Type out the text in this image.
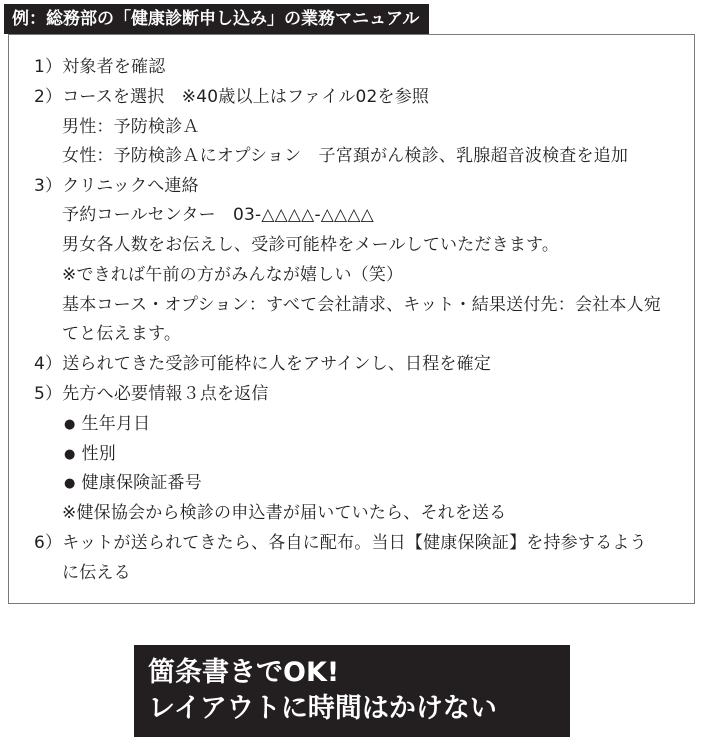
例：総務部の「健康診断申し込み」の業務マニュアル
1）対象者を確認
2）コースを選択　※40歳以上はファイル02を参照
男性：予防検診Ａ
女性：予防検診Ａにオプション　子宮頚がん検診、乳腺超音波検査を追加
3）クリニックへ連絡
予約コールセンター　03-△△△△-△△△△
男女各人数をお伝えし、受診可能枠をメールしていただきます。
※できれば午前の方がみんなが嬉しい（笑）
基本コース・オプション：すべて会社請求、キット・結果送付先：会社本人宛
てと伝えます。
4）送られてきた受診可能枠に人をアサインし、日程を確定
5）先方へ必要情報３点を返信
● 生年月日
● 性別
● 健康保険証番号
※健保協会から検診の申込書が届いていたら、それを送る
6）キットが送られてきたら、各自に配布。当日【健康保険証】を持参するよう
に伝える
箇条書きでOK!
レイアウトに時間はかけない
